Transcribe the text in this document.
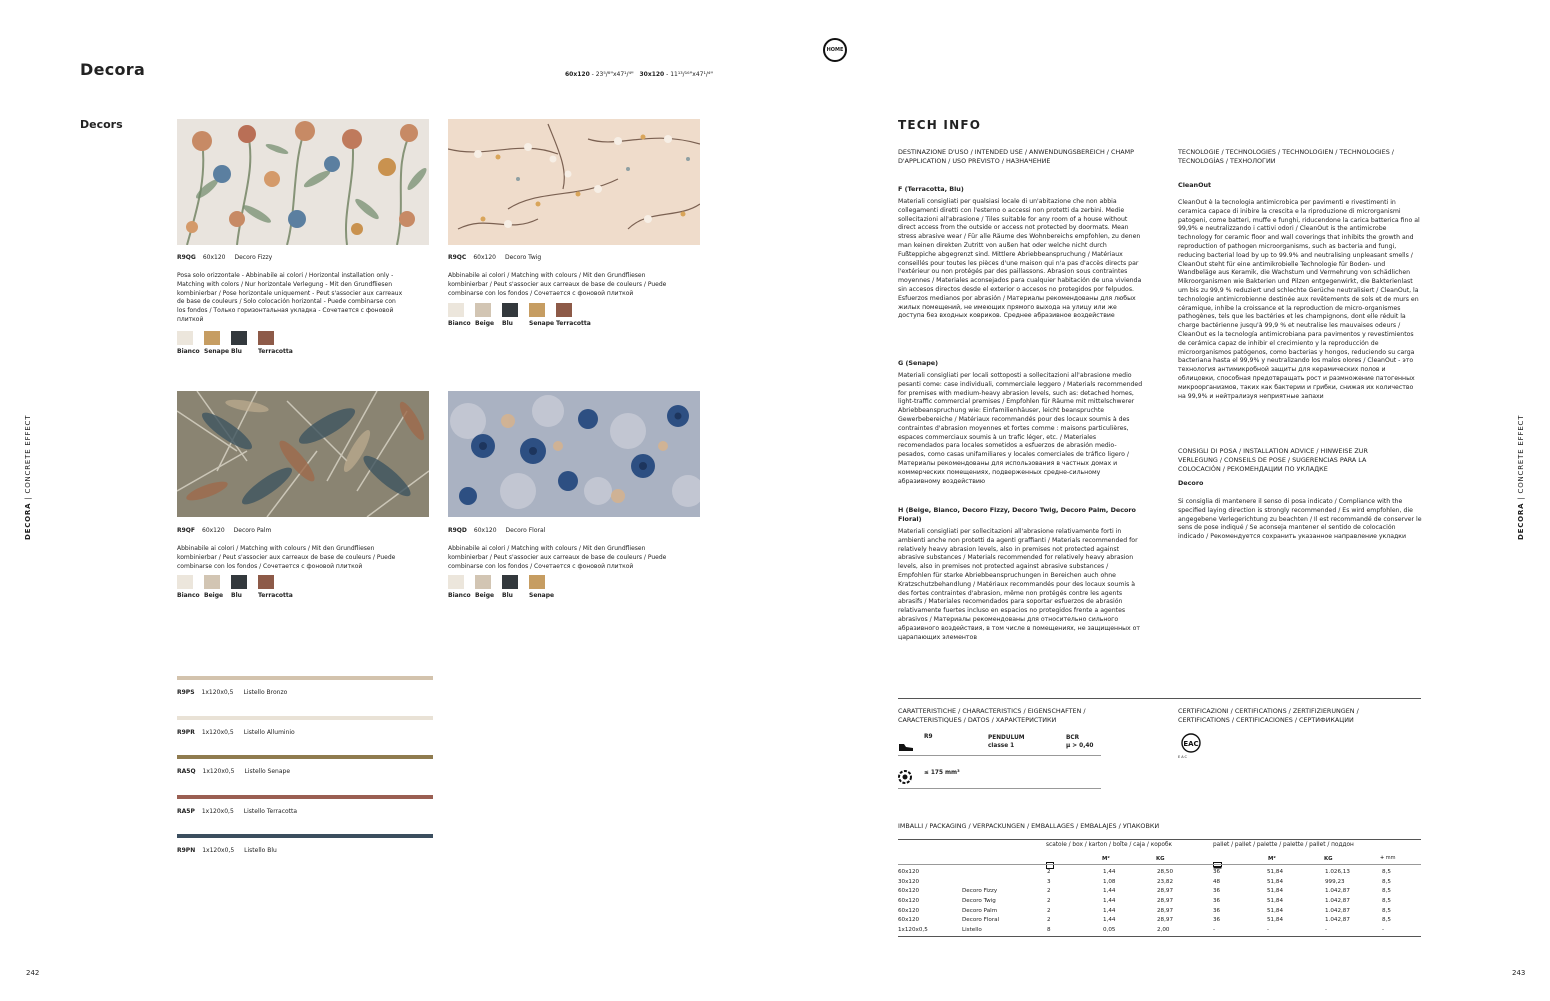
Decora	60x120 - 23⁵/⁸"x47¹/⁴" 30x120 - 11¹³/¹⁶"x47¹/⁴"
HOME
Decors
DECORA | CONCRETE EFFECT
DECORA | CONCRETE EFFECT
242	243
R9QG 60x120 Decoro Fizzy
Posa solo orizzontale - Abbinabile ai colori / Horizontal installation only - Matching with colors / Nur horizontale Verlegung - Mit den Grundfliesen kombinierbar / Pose horizontale uniquement - Peut s'associer aux carreaux de base de couleurs / Solo colocación horizontal - Puede combinarse con los fondos / Только горизонтальная укладка - Сочетается с фоновой плиткой
Bianco Senape Blu	Terracotta
R9QC 60x120 Decoro Twig
Abbinabile ai colori / Matching with colours / Mit den Grundfliesen kombinierbar / Peut s'associer aux carreaux de base de couleurs / Puede combinarse con los fondos / Сочетается с фоновой плиткой
Bianco Beige Blu	Senape Terracotta
R9QF 60x120 Decoro Palm
Abbinabile ai colori / Matching with colours / Mit den Grundfliesen kombinierbar / Peut s'associer aux carreaux de base de couleurs / Puede combinarse con los fondos / Сочетается с фоновой плиткой
Bianco Beige Blu	Terracotta
R9QD 60x120 Decoro Floral
Abbinabile ai colori / Matching with colours / Mit den Grundfliesen kombinierbar / Peut s'associer aux carreaux de base de couleurs / Puede combinarse con los fondos / Сочетается с фоновой плиткой
Bianco Beige Blu	Senape
R9PS 1x120x0,5 Listello Bronzo
R9PR 1x120x0,5 Listello Alluminio
RA5Q 1x120x0,5 Listello Senape
RA5P 1x120x0,5 Listello Terracotta
R9PN 1x120x0,5 Listello Blu
TECH INFO
DESTINAZIONE D'USO / INTENDED USE / ANWENDUNGSBEREICH / CHAMP D'APPLICATION / USO PREVISTO / НАЗНАЧЕНИЕ
F (Terracotta, Blu)
Materiali consigliati per qualsiasi locale di un'abitazione che non abbia collegamenti diretti con l'esterno o accessi non protetti da zerbini. Medie sollecitazioni all'abrasione / Tiles suitable for any room of a house without direct access from the outside or access not protected by doormats. Mean stress abrasive wear / Für alle Räume des Wohnbereichs empfohlen, zu denen man keinen direkten Zutritt von außen hat oder welche nicht durch Fußteppiche abgegrenzt sind. Mittlere Abriebbeanspruchung / Matériaux conseillés pour toutes les pièces d'une maison qui n'a pas d'accès directs par l'extérieur ou non protégés par des paillassons. Abrasion sous contraintes moyennes / Materiales aconsejados para cualquier habitación de una vivienda sin accesos directos desde el exterior o accesos no protegidos por felpudos. Esfuerzos medianos por abrasión / Материалы рекомендованы для любых жилых помещений, не имеющих прямого выхода на улицу или же доступа без входных ковриков. Среднее абразивное воздействие
G (Senape)
Materiali consigliati per locali sottoposti a sollecitazioni all'abrasione medio pesanti come: case individuali, commerciale leggero / Materials recommended for premises with medium-heavy abrasion levels, such as: detached homes, light-traffic commercial premises / Empfohlen für Räume mit mittelschwerer Abriebbeanspruchung wie: Einfamilienhäuser, leicht beanspruchte Gewerbebereiche / Matériaux recommandés pour des locaux soumis à des contraintes d'abrasion moyennes et fortes comme : maisons particulières, espaces commerciaux soumis à un trafic léger, etc. / Materiales recomendados para locales sometidos a esfuerzos de abrasión medio-pesados, como casas unifamiliares y locales comerciales de tráfico ligero / Материалы рекомендованы для использования в частных домах и коммерческих помещениях, подверженных средне-сильному абразивному воздействию
H (Beige, Bianco, Decoro Fizzy, Decoro Twig, Decoro Palm, Decoro Floral)
Materiali consigliati per sollecitazioni all'abrasione relativamente forti in ambienti anche non protetti da agenti graffianti / Materials recommended for relatively heavy abrasion levels, also in premises not protected against abrasive substances / Materials recommended for relatively heavy abrasion levels, also in premises not protected against abrasive substances / Empfohlen für starke Abriebbeanspruchungen in Bereichen auch ohne Kratzschutzbehandlung / Matériaux recommandés pour des locaux soumis à des fortes contraintes d'abrasion, même non protégés contre les agents abrasifs / Materiales recomendados para soportar esfuerzos de abrasión relativamente fuertes incluso en espacios no protegidos frente a agentes abrasivos / Материалы рекомендованы для относительно сильного абразивного воздействия, в том числе в помещениях, не защищенных от царапающих элементов
TECNOLOGIE / TECHNOLOGIES / TECHNOLOGIEN / TECHNOLOGIES / TECNOLOGÍAS / ТЕХНОЛОГИИ
CleanOut
CleanOut è la tecnologia antimicrobica per pavimenti e rivestimenti in ceramica capace di inibire la crescita e la riproduzione di microrganismi patogeni, come batteri, muffe e funghi, riducendone la carica batterica fino al 99,9% e neutralizzando i cattivi odori / CleanOut is the antimicrobe technology for ceramic floor and wall coverings that inhibits the growth and reproduction of pathogen microorganisms, such as bacteria and fungi, reducing bacterial load by up to 99.9% and neutralising unpleasant smells / CleanOut steht für eine antimikrobielle Technologie für Boden- und Wandbeläge aus Keramik, die Wachstum und Vermehrung von schädlichen Mikroorganismen wie Bakterien und Pilzen entgegenwirkt, die Bakterienlast um bis zu 99,9 % reduziert und schlechte Gerüche neutralisiert / CleanOut, la technologie antimicrobienne destinée aux revêtements de sols et de murs en céramique, inhibe la croissance et la reproduction de micro-organismes pathogènes, tels que les bactéries et les champignons, dont elle réduit la charge bactérienne jusqu'à 99,9 % et neutralise les mauvaises odeurs / CleanOut es la tecnología antimicrobiana para pavimentos y revestimientos de cerámica capaz de inhibir el crecimiento y la reproducción de microorganismos patógenos, como bacterias y hongos, reduciendo su carga bacteriana hasta el 99,9% y neutralizando los malos olores / CleanOut - это технология антимикробной защиты для керамических полов и облицовки, способная предотвращать рост и размножение патогенных микроорганизмов, таких как бактерии и грибки, снижая их количество на 99,9% и нейтрализуя неприятные запахи
CONSIGLI DI POSA / INSTALLATION ADVICE / HINWEISE ZUR VERLEGUNG / CONSEILS DE POSE / SUGERENCIAS PARA LA COLOCACIÓN / РЕКОМЕНДАЦИИ ПО УКЛАДКЕ
Decoro
Si consiglia di mantenere il senso di posa indicato / Compliance with the specified laying direction is strongly recommended / Es wird empfohlen, die angegebene Verlegerichtung zu beachten / Il est recommandé de conserver le sens de pose indiqué / Se aconseja mantener el sentido de colocación indicado / Рекомендуется сохранить указанное направление укладки
CARATTERISTICHE / CHARACTERISTICS / EIGENSCHAFTEN / CARACTERISTIQUES / DATOS / ХАРАКТЕРИСТИКИ
CERTIFICAZIONI / CERTIFICATIONS / ZERTIFIZIERUNGEN / CERTIFICATIONS / CERTIFICACIONES / СЕРТИФИКАЦИИ
R9	PENDULUM
classe 1
BCR
μ > 0,40
≤ 175 mm³
ЕАС
EAC
IMBALLI / PACKAGING / VERPACKUNGEN / EMBALLAGES / EMBALAJES / УПАКОВКИ
scatole / box / karton / boîte / caja / коробк	pallet / pallet / palette / palette / pallet / поддон
M²	KG	M²	KG	+ mm
60x120		2	1,44	28,50	36	51,84	1.026,13	8,5
30x120		3	1,08	23,82	48	51,84	999,23	8,5
60x120	Decoro Fizzy	2	1,44	28,97	36	51,84	1.042,87	8,5
60x120	Decoro Twig	2	1,44	28,97	36	51,84	1.042,87	8,5
60x120	Decoro Palm	2	1,44	28,97	36	51,84	1.042,87	8,5
60x120	Decoro Floral	2	1,44	28,97	36	51,84	1.042,87	8,5
1x120x0,5	Listello	8	0,05	2,00	-	-	-	-
